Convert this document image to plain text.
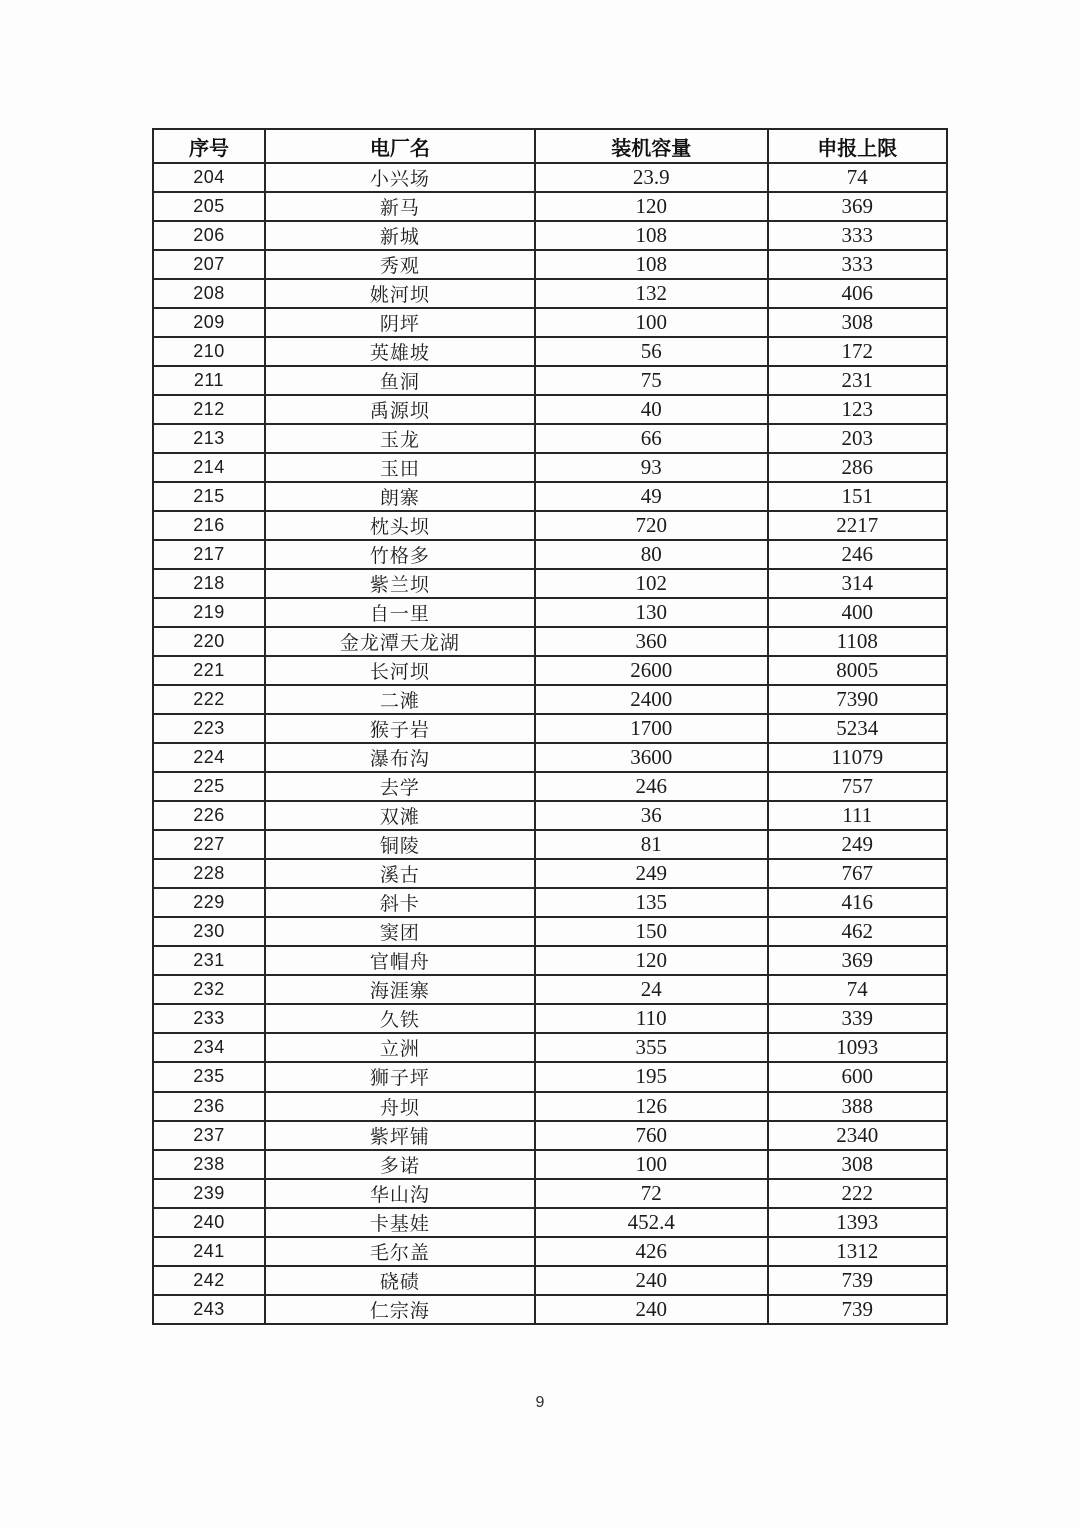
序号	电厂名	装机容量	申报上限
204	小兴场	23.9	74
205	新马	120	369
206	新城	108	333
207	秀观	108	333
208	姚河坝	132	406
209	阴坪	100	308
210	英雄坡	56	172
211	鱼洞	75	231
212	禹源坝	40	123
213	玉龙	66	203
214	玉田	93	286
215	朗寨	49	151
216	枕头坝	720	2217
217	竹格多	80	246
218	紫兰坝	102	314
219	自一里	130	400
220	金龙潭天龙湖	360	1108
221	长河坝	2600	8005
222	二滩	2400	7390
223	猴子岩	1700	5234
224	瀑布沟	3600	11079
225	去学	246	757
226	双滩	36	111
227	铜陵	81	249
228	溪古	249	767
229	斜卡	135	416
230	窦团	150	462
231	官帽舟	120	369
232	海涯寨	24	74
233	久铁	110	339
234	立洲	355	1093
235	狮子坪	195	600
236	舟坝	126	388
237	紫坪铺	760	2340
238	多诺	100	308
239	华山沟	72	222
240	卡基娃	452.4	1393
241	毛尔盖	426	1312
242	硗碛	240	739
243	仁宗海	240	739
9
